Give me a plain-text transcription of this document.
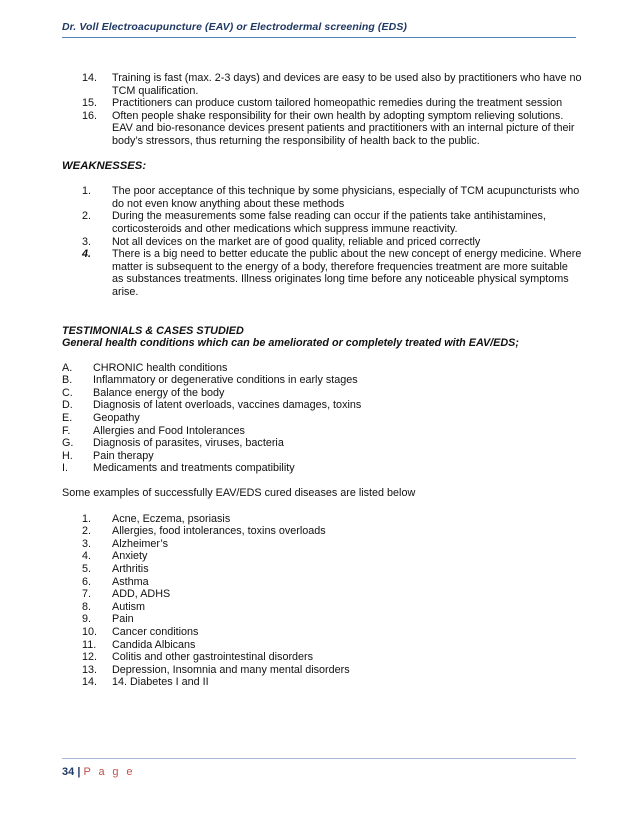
Dr. Voll Electroacupuncture (EAV) or Electrodermal screening (EDS)
14. Training is fast (max. 2-3 days) and devices are easy to be used also by practitioners who have no TCM qualification.
15. Practitioners can produce custom tailored homeopathic remedies during the treatment session
16. Often people shake responsibility for their own health by adopting symptom relieving solutions. EAV and bio-resonance devices present patients and practitioners with an internal picture of their body’s stressors, thus returning the responsibility of health back to the public.
WEAKNESSES:
1. The poor acceptance of this technique by some physicians, especially of TCM acupuncturists who do not even know anything about these methods
2. During the measurements some false reading can occur if the patients take antihistamines, corticosteroids and other medications which suppress immune reactivity.
3. Not all devices on the market are of good quality, reliable and priced correctly
4. There is a big need to better educate the public about the new concept of energy medicine. Where matter is subsequent to the energy of a body, therefore frequencies treatment are more suitable as substances treatments. Illness originates long time before any noticeable physical symptoms arise.
TESTIMONIALS & CASES STUDIED
General health conditions which can be ameliorated or completely treated with EAV/EDS;
A. CHRONIC health conditions
B. Inflammatory or degenerative conditions in early stages
C. Balance energy of the body
D. Diagnosis of latent overloads, vaccines damages, toxins
E. Geopathy
F. Allergies and Food Intolerances
G. Diagnosis of parasites, viruses, bacteria
H. Pain therapy
I. Medicaments and treatments compatibility
Some examples of successfully EAV/EDS cured diseases are listed below
1. Acne, Eczema, psoriasis
2. Allergies, food intolerances, toxins overloads
3. Alzheimer’s
4. Anxiety
5. Arthritis
6. Asthma
7. ADD, ADHS
8. Autism
9. Pain
10. Cancer conditions
11. Candida Albicans
12. Colitis and other gastrointestinal disorders
13. Depression, Insomnia and many mental disorders
14. 14. Diabetes I and II
34 | P a g e
